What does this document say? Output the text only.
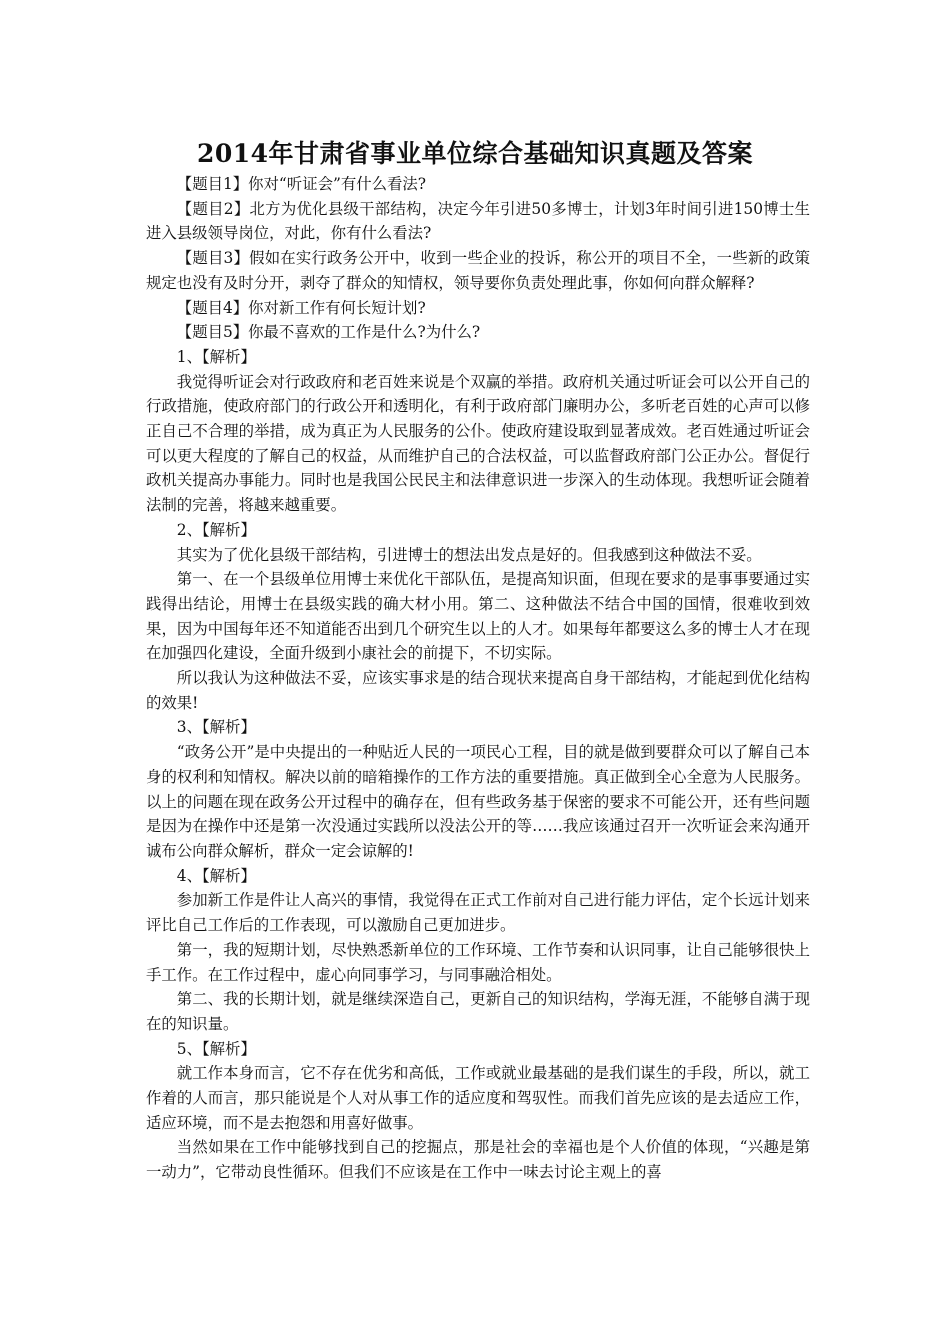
2014年甘肃省事业单位综合基础知识真题及答案

【题目1】你对“听证会”有什么看法?

【题目2】北方为优化县级干部结构，决定今年引进50多博士，计划3年时间引进150博士生进入县级领导岗位，对此，你有什么看法?

【题目3】假如在实行政务公开中，收到一些企业的投诉，称公开的项目不全，一些新的政策规定也没有及时分开，剥夺了群众的知情权，领导要你负责处理此事，你如何向群众解释?

【题目4】你对新工作有何长短计划?

【题目5】你最不喜欢的工作是什么?为什么?

1、【解析】

我觉得听证会对行政政府和老百姓来说是个双赢的举措。政府机关通过听证会可以公开自己的行政措施，使政府部门的行政公开和透明化，有利于政府部门廉明办公，多听老百姓的心声可以修正自己不合理的举措，成为真正为人民服务的公仆。使政府建设取到显著成效。老百姓通过听证会可以更大程度的了解自己的权益，从而维护自己的合法权益，可以监督政府部门公正办公。督促行政机关提高办事能力。同时也是我国公民民主和法律意识进一步深入的生动体现。我想听证会随着法制的完善，将越来越重要。

2、【解析】

其实为了优化县级干部结构，引进博士的想法出发点是好的。但我感到这种做法不妥。

第一、在一个县级单位用博士来优化干部队伍，是提高知识面，但现在要求的是事事要通过实践得出结论，用博士在县级实践的确大材小用。第二、这种做法不结合中国的国情，很难收到效果，因为中国每年还不知道能否出到几个研究生以上的人才。如果每年都要这么多的博士人才在现在加强四化建设，全面升级到小康社会的前提下，不切实际。

所以我认为这种做法不妥，应该实事求是的结合现状来提高自身干部结构，才能起到优化结构的效果!

3、【解析】

“政务公开”是中央提出的一种贴近人民的一项民心工程，目的就是做到要群众可以了解自己本身的权利和知情权。解决以前的暗箱操作的工作方法的重要措施。真正做到全心全意为人民服务。以上的问题在现在政务公开过程中的确存在，但有些政务基于保密的要求不可能公开，还有些问题是因为在操作中还是第一次没通过实践所以没法公开的等……我应该通过召开一次听证会来沟通开诚布公向群众解析，群众一定会谅解的!

4、【解析】

参加新工作是件让人高兴的事情，我觉得在正式工作前对自己进行能力评估，定个长远计划来评比自己工作后的工作表现，可以激励自己更加进步。

第一，我的短期计划，尽快熟悉新单位的工作环境、工作节奏和认识同事，让自己能够很快上手工作。在工作过程中，虚心向同事学习，与同事融洽相处。

第二、我的长期计划，就是继续深造自己，更新自己的知识结构，学海无涯，不能够自满于现在的知识量。

5、【解析】

就工作本身而言，它不存在优劣和高低，工作或就业最基础的是我们谋生的手段，所以，就工作着的人而言，那只能说是个人对从事工作的适应度和驾驭性。而我们首先应该的是去适应工作，适应环境，而不是去抱怨和用喜好做事。

当然如果在工作中能够找到自己的挖掘点，那是社会的幸福也是个人价值的体现，“兴趣是第一动力”，它带动良性循环。但我们不应该是在工作中一味去讨论主观上的喜
